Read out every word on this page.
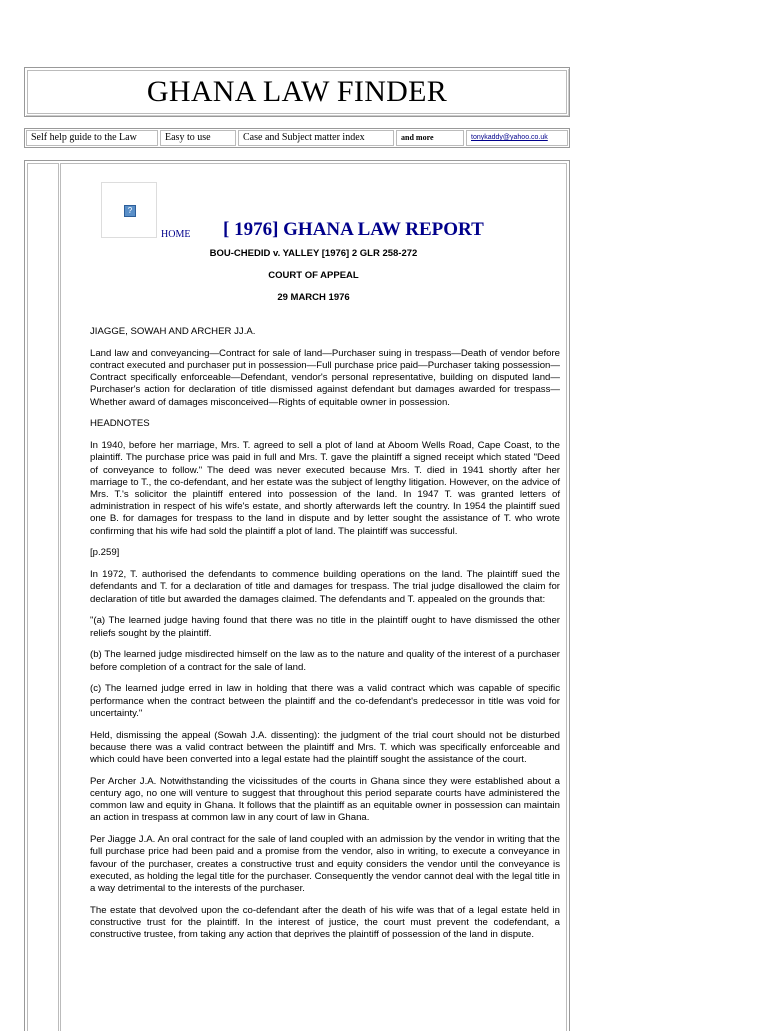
GHANA LAW FINDER
Self help guide to the Law	Easy to use	Case and Subject matter index	and more	tonykaddy@yahoo.co.uk
?
HOME [ 1976] GHANA LAW REPORT
BOU-CHEDID v. YALLEY [1976] 2 GLR 258-272
COURT OF APPEAL
29 MARCH 1976

JIAGGE, SOWAH AND ARCHER JJ.A.

Land law and conveyancing—Contract for sale of land—Purchaser suing in trespass—Death of vendor before contract executed and purchaser put in possession—Full purchase price paid—Purchaser taking possession—Contract specifically enforceable—Defendant, vendor's personal representative, building on disputed land—Purchaser's action for declaration of title dismissed against defendant but damages awarded for trespass—Whether award of damages misconceived—Rights of equitable owner in possession.

HEADNOTES

In 1940, before her marriage, Mrs. T. agreed to sell a plot of land at Aboom Wells Road, Cape Coast, to the plaintiff. The purchase price was paid in full and Mrs. T. gave the plaintiff a signed receipt which stated "Deed of conveyance to follow." The deed was never executed because Mrs. T. died in 1941 shortly after her marriage to T., the co-defendant, and her estate was the subject of lengthy litigation. However, on the advice of Mrs. T.'s solicitor the plaintiff entered into possession of the land. In 1947 T. was granted letters of administration in respect of his wife's estate, and shortly afterwards left the country. In 1954 the plaintiff sued one B. for damages for trespass to the land in dispute and by letter sought the assistance of T. who wrote confirming that his wife had sold the plaintiff a plot of land. The plaintiff was successful.

[p.259]

In 1972, T. authorised the defendants to commence building operations on the land. The plaintiff sued the defendants and T. for a declaration of title and damages for trespass. The trial judge disallowed the claim for declaration of title but awarded the damages claimed. The defendants and T. appealed on the grounds that:

"(a) The learned judge having found that there was no title in the plaintiff ought to have dismissed the other reliefs sought by the plaintiff.

(b) The learned judge misdirected himself on the law as to the nature and quality of the interest of a purchaser before completion of a contract for the sale of land.

(c) The learned judge erred in law in holding that there was a valid contract which was capable of specific performance when the contract between the plaintiff and the co-defendant's predecessor in title was void for uncertainty."

Held, dismissing the appeal (Sowah J.A. dissenting): the judgment of the trial court should not be disturbed because there was a valid contract between the plaintiff and Mrs. T. which was specifically enforceable and which could have been converted into a legal estate had the plaintiff sought the assistance of the court.

Per Archer J.A. Notwithstanding the vicissitudes of the courts in Ghana since they were established about a century ago, no one will venture to suggest that throughout this period separate courts have administered the common law and equity in Ghana. It follows that the plaintiff as an equitable owner in possession can maintain an action in trespass at common law in any court of law in Ghana.

Per Jiagge J.A. An oral contract for the sale of land coupled with an admission by the vendor in writing that the full purchase price had been paid and a promise from the vendor, also in writing, to execute a conveyance in favour of the purchaser, creates a constructive trust and equity considers the vendor until the conveyance is executed, as holding the legal title for the purchaser. Consequently the vendor cannot deal with the legal title in a way detrimental to the interests of the purchaser.

The estate that devolved upon the co-defendant after the death of his wife was that of a legal estate held in constructive trust for the plaintiff. In the interest of justice, the court must prevent the codefendant, a constructive trustee, from taking any action that deprives the plaintiff of possession of the land in dispute.
